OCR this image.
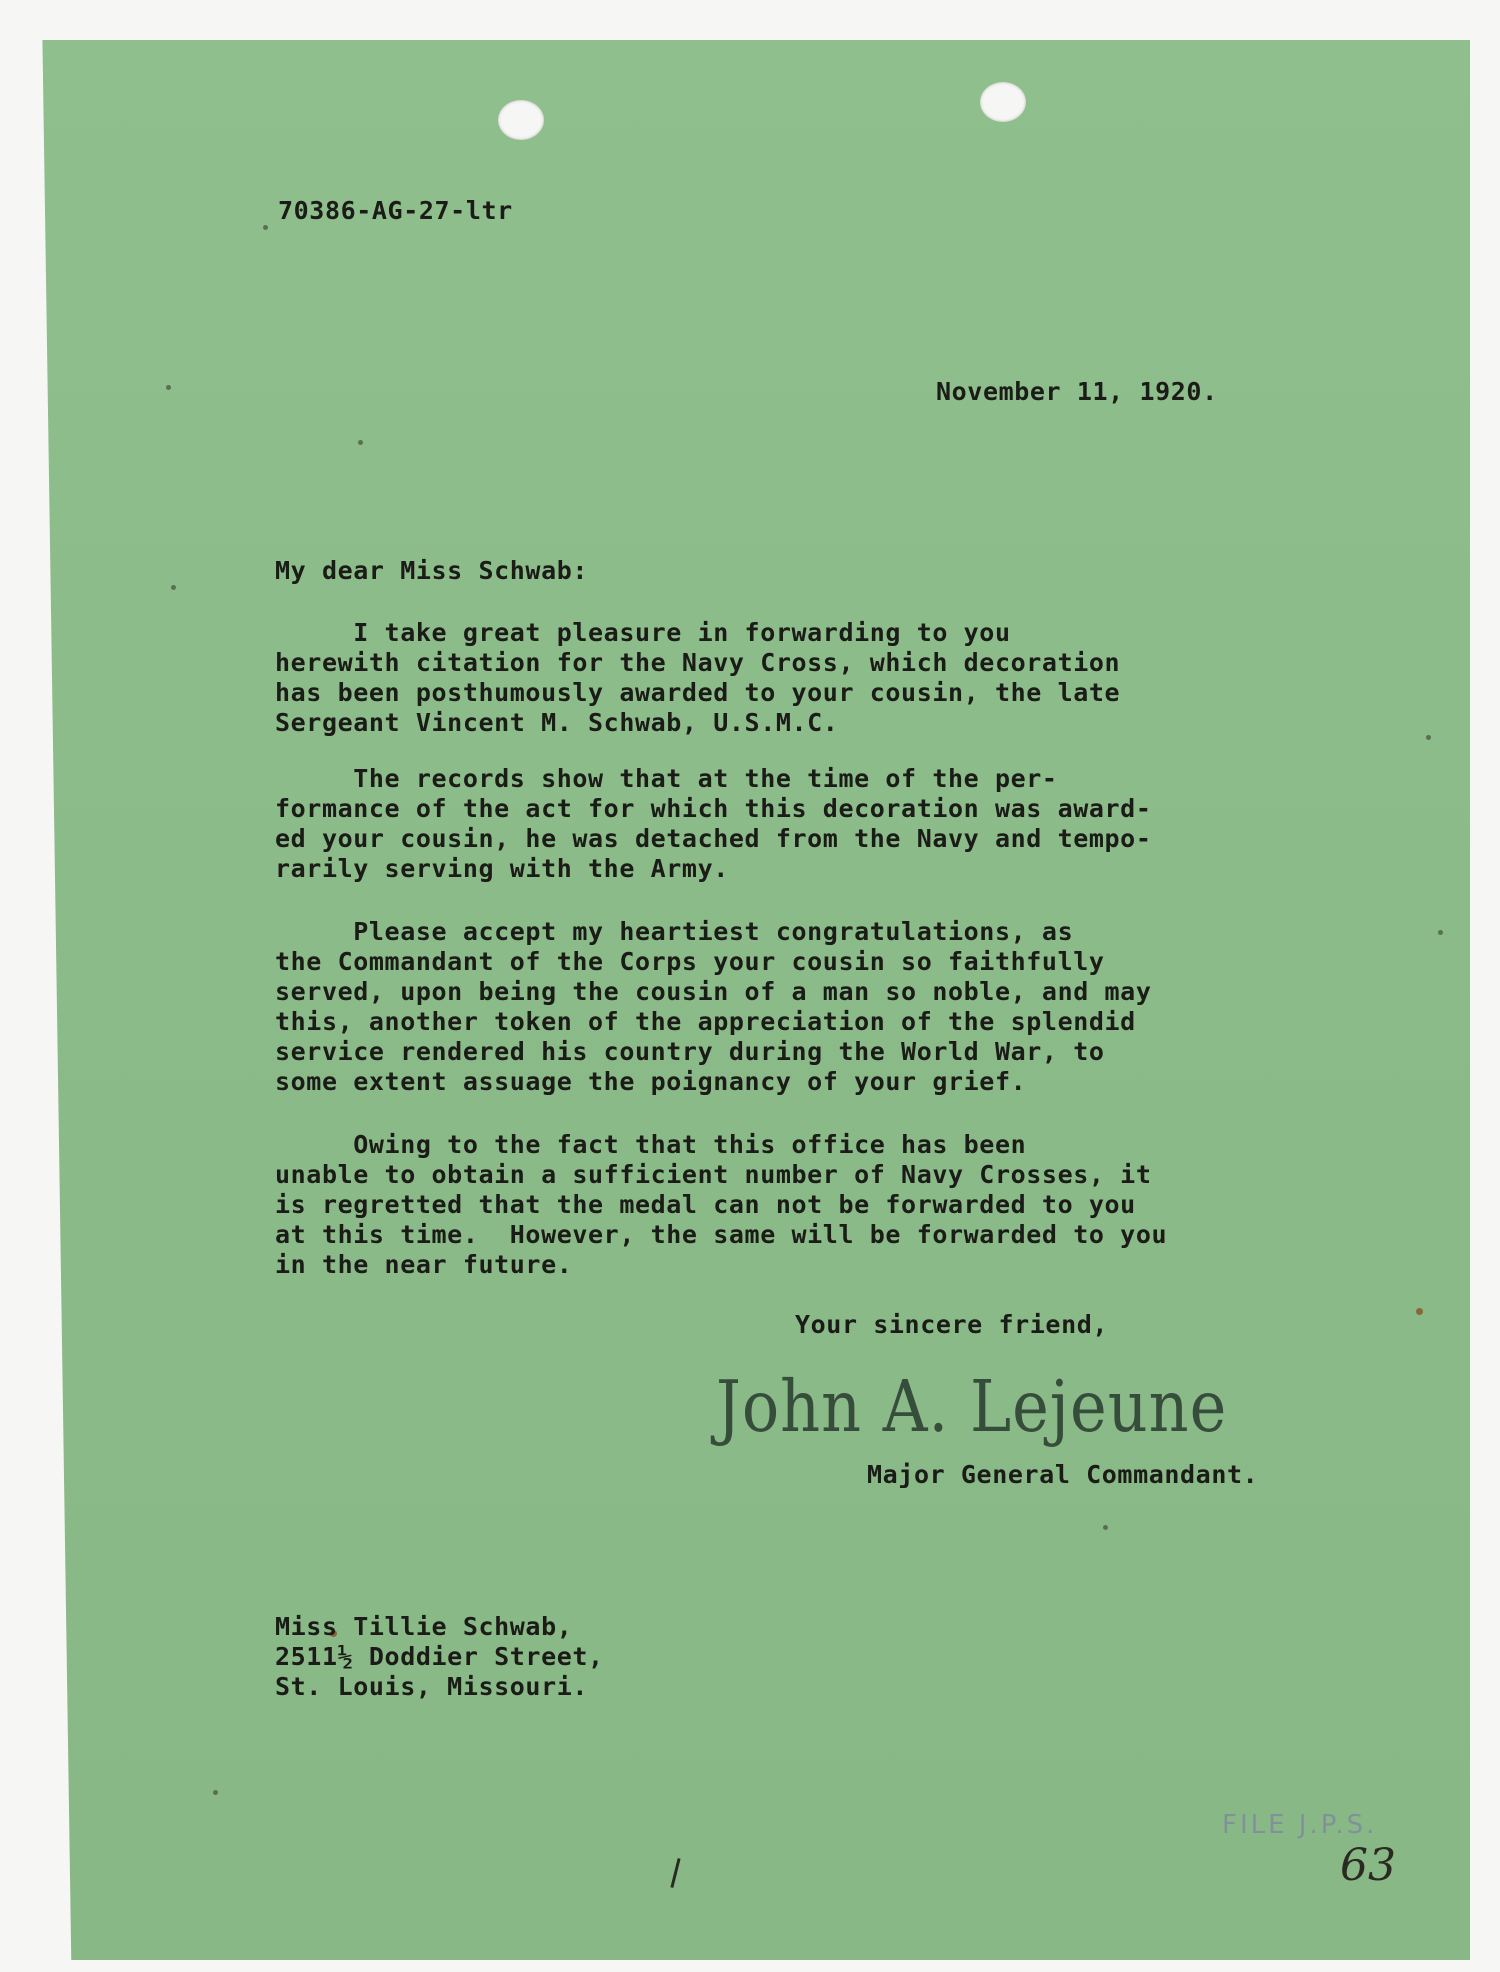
70386-AG-27-ltr
November 11, 1920.
My dear Miss Schwab:
I take great pleasure in forwarding to you
herewith citation for the Navy Cross, which decoration
has been posthumously awarded to your cousin, the late
Sergeant Vincent M. Schwab, U.S.M.C.
The records show that at the time of the per-
formance of the act for which this decoration was award-
ed your cousin, he was detached from the Navy and tempo-
rarily serving with the Army.
Please accept my heartiest congratulations, as
the Commandant of the Corps your cousin so faithfully
served, upon being the cousin of a man so noble, and may
this, another token of the appreciation of the splendid
service rendered his country during the World War, to
some extent assuage the poignancy of your grief.
Owing to the fact that this office has been
unable to obtain a sufficient number of Navy Crosses, it
is regretted that the medal can not be forwarded to you
at this time.  However, the same will be forwarded to you
in the near future.
Your sincere friend,
John A. Lejeune
Major General Commandant.
Miss Tillie Schwab,
2511½ Doddier Street,
St. Louis, Missouri.
FILE J.P.S.
63
